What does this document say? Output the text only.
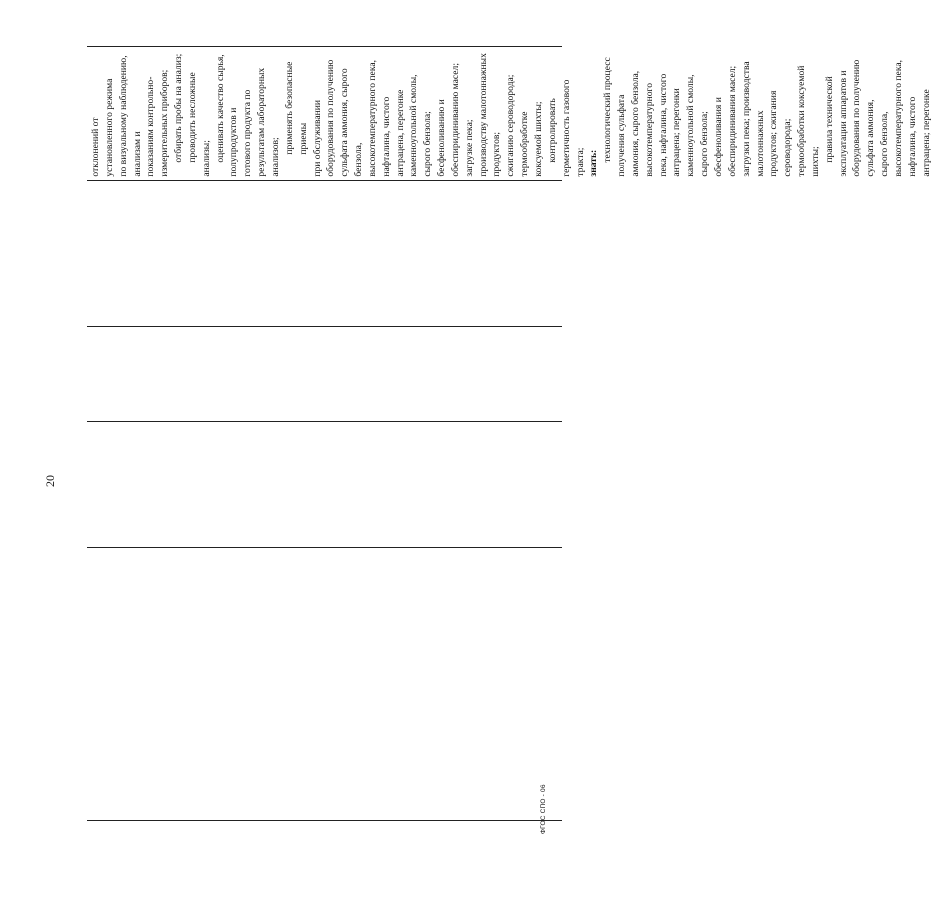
20

отклонений от установленного режима по визуальному наблюдению, анализам и показаниям контрольно-измерительных приборов; отбирать пробы на анализ; проводить несложные анализы; оценивать качество сырья, полупродуктов и готового продукта по результатам лабораторных анализов;

применять безопасные приемы при обслуживании оборудования по получению сульфата аммония, сырого бензола, высокотемпературного пека, нафталина, чистого антрацена, перегонке каменноугольной смолы, сырого бензола; бесфеноливанию и обеспиридиниванию масел; загрузке пека; производству малотоннажных продуктов; сжиганию сероводорода; термообработке коксуемой шихты; контролировать герметичность газового тракта; знать:

технологический процесс получения сульфата аммония, сырого бензола, высокотемпературного пека, нафталина, чистого антрацена; перегонки каменноугольной смолы, сырого бензола; обесфеноливания и обеспиридинивания масел; загрузки пека; производства малотоннажных продуктов; сжигания сероводорода; термообработки коксуемой шихты; правила технической эксплуатации аппаратов и оборудования по получению сульфата аммония, сырого бензола, высокотемпературного пека, нафталина, чистого антрацена; перегонке

ФГОС СПО - 06
